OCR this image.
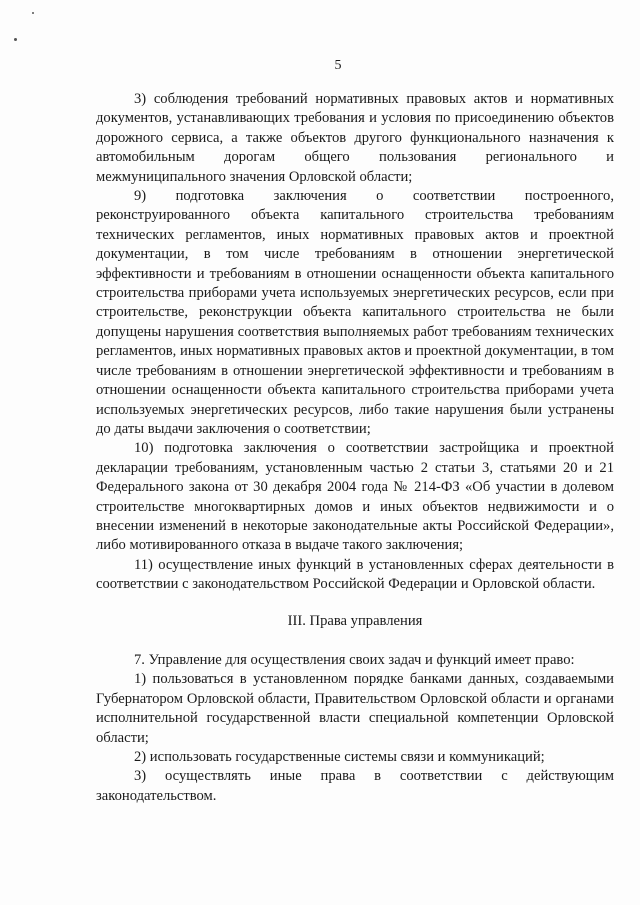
5

3) соблюдения требований нормативных правовых актов и нормативных документов, устанавливающих требования и условия по присоединению объектов дорожного сервиса, а также объектов другого функционального назначения к автомобильным дорогам общего пользования регионального и межмуниципального значения Орловской области;

9) подготовка заключения о соответствии построенного, реконструированного объекта капитального строительства требованиям технических регламентов, иных нормативных правовых актов и проектной документации, в том числе требованиям в отношении энергетической эффективности и требованиям в отношении оснащенности объекта капитального строительства приборами учета используемых энергетических ресурсов, если при строительстве, реконструкции объекта капитального строительства не были допущены нарушения соответствия выполняемых работ требованиям технических регламентов, иных нормативных правовых актов и проектной документации, в том числе требованиям в отношении энергетической эффективности и требованиям в отношении оснащенности объекта капитального строительства приборами учета используемых энергетических ресурсов, либо такие нарушения были устранены до даты выдачи заключения о соответствии;

10) подготовка заключения о соответствии застройщика и проектной декларации требованиям, установленным частью 2 статьи 3, статьями 20 и 21 Федерального закона от 30 декабря 2004 года № 214-ФЗ «Об участии в долевом строительстве многоквартирных домов и иных объектов недвижимости и о внесении изменений в некоторые законодательные акты Российской Федерации», либо мотивированного отказа в выдаче такого заключения;

11) осуществление иных функций в установленных сферах деятельности в соответствии с законодательством Российской Федерации и Орловской области.

III. Права управления

7. Управление для осуществления своих задач и функций имеет право:

1) пользоваться в установленном порядке банками данных, создаваемыми Губернатором Орловской области, Правительством Орловской области и органами исполнительной государственной власти специальной компетенции Орловской области;

2) использовать государственные системы связи и коммуникаций;

3) осуществлять иные права в соответствии с действующим законодательством.
